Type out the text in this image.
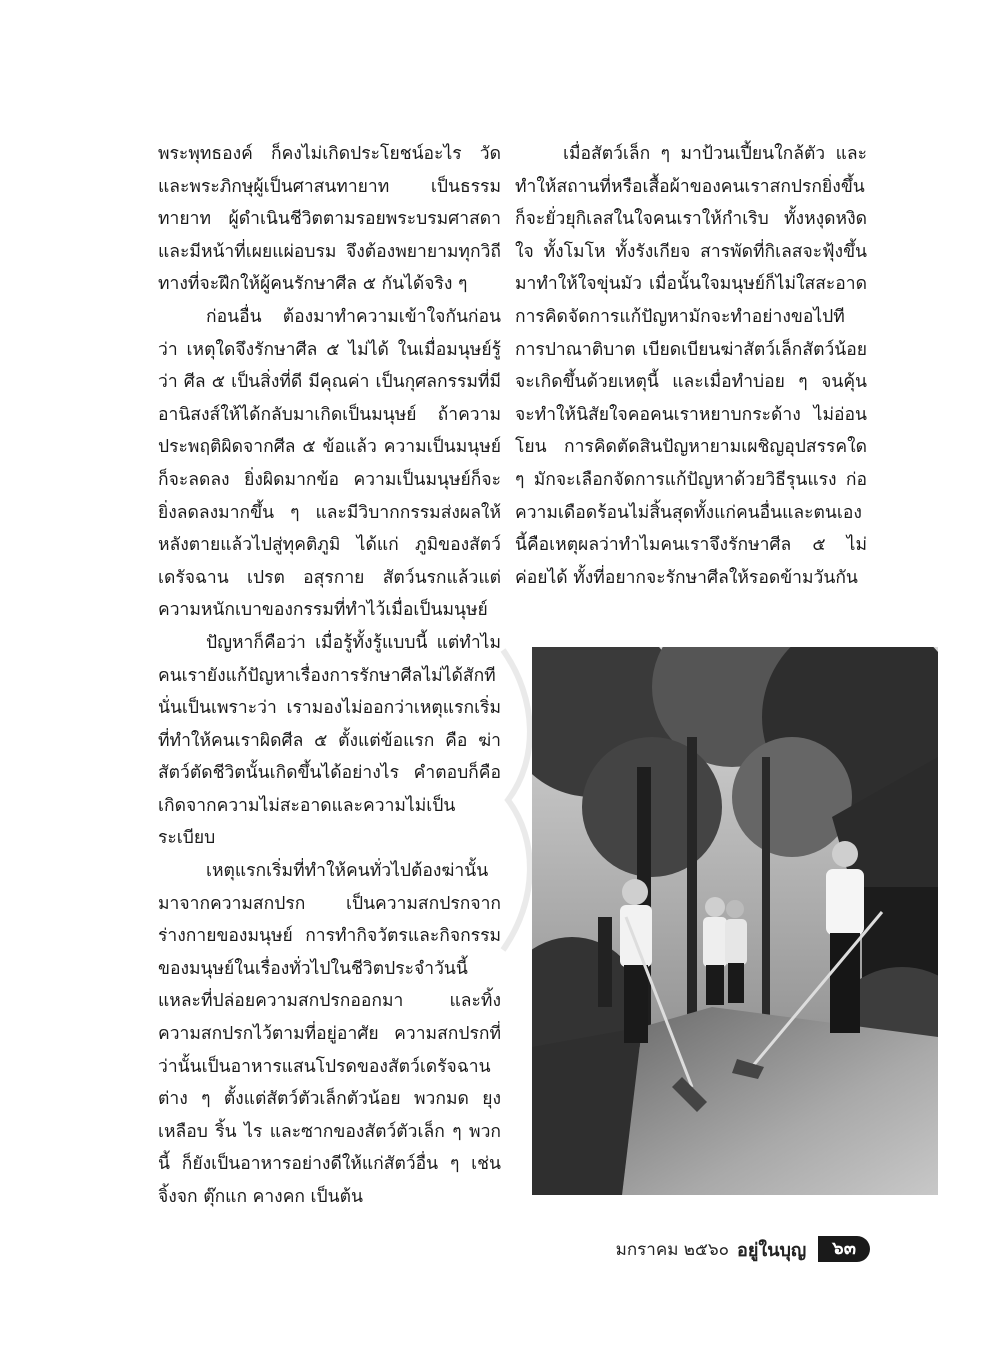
พระพุทธองค์ ก็คงไม่เกิดประโยชน์อะไร วัดและพระภิกษุผู้เป็นศาสนทายาท เป็นธรรมทายาท ผู้ดำเนินชีวิตตามรอยพระบรมศาสดาและมีหน้าที่เผยแผ่อบรม จึงต้องพยายามทุกวิถีทางที่จะฝึกให้ผู้คนรักษาศีล ๕ กันได้จริง ๆ

ก่อนอื่น ต้องมาทำความเข้าใจกันก่อนว่า เหตุใดจึงรักษาศีล ๕ ไม่ได้ ในเมื่อมนุษย์รู้ว่า ศีล ๕ เป็นสิ่งที่ดี มีคุณค่า เป็นกุศลกรรมที่มีอานิสงส์ให้ได้กลับมาเกิดเป็นมนุษย์ ถ้าความประพฤติผิดจากศีล ๕ ข้อแล้ว ความเป็นมนุษย์ก็จะลดลง ยิ่งผิดมากข้อ ความเป็นมนุษย์ก็จะยิ่งลดลงมากขึ้น ๆ และมีวิบากกรรมส่งผลให้หลังตายแล้วไปสู่ทุคติภูมิ ได้แก่ ภูมิของสัตว์เดรัจฉาน เปรต อสุรกาย สัตว์นรกแล้วแต่ความหนักเบาของกรรมที่ทำไว้เมื่อเป็นมนุษย์

ปัญหาก็คือว่า เมื่อรู้ทั้งรู้แบบนี้ แต่ทำไมคนเรายังแก้ปัญหาเรื่องการรักษาศีลไม่ได้สักทีนั่นเป็นเพราะว่า เรามองไม่ออกว่าเหตุแรกเริ่มที่ทำให้คนเราผิดศีล ๕ ตั้งแต่ข้อแรก คือ ฆ่าสัตว์ตัดชีวิตนั้นเกิดขึ้นได้อย่างไร คำตอบก็คือเกิดจากความไม่สะอาดและความไม่เป็นระเบียบ

เหตุแรกเริ่มที่ทำให้คนทั่วไปต้องฆ่านั้นมาจากความสกปรก เป็นความสกปรกจากร่างกายของมนุษย์ การทำกิจวัตรและกิจกรรมของมนุษย์ในเรื่องทั่วไปในชีวิตประจำวันนี้แหละที่ปล่อยความสกปรกออกมา และทิ้งความสกปรกไว้ตามที่อยู่อาศัย ความสกปรกที่ว่านั้นเป็นอาหารแสนโปรดของสัตว์เดรัจฉานต่าง ๆ ตั้งแต่สัตว์ตัวเล็กตัวน้อย พวกมด ยุง เหลือบ ริ้น ไร และซากของสัตว์ตัวเล็ก ๆ พวกนี้ ก็ยังเป็นอาหารอย่างดีให้แก่สัตว์อื่น ๆ เช่น จิ้งจก ตุ๊กแก คางคก เป็นต้น

เมื่อสัตว์เล็ก ๆ มาป้วนเปี้ยนใกล้ตัว และทำให้สถานที่หรือเสื้อผ้าของคนเราสกปรกยิ่งขึ้น ก็จะยั่วยุกิเลสในใจคนเราให้กำเริบ ทั้งหงุดหงิดใจ ทั้งโมโห ทั้งรังเกียจ สารพัดที่กิเลสจะฟุ้งขึ้นมาทำให้ใจขุ่นมัว เมื่อนั้นใจมนุษย์ก็ไม่ใสสะอาด การคิดจัดการแก้ปัญหามักจะทำอย่างขอไปที การปาณาติบาต เบียดเบียนฆ่าสัตว์เล็กสัตว์น้อยจะเกิดขึ้นด้วยเหตุนี้ และเมื่อทำบ่อย ๆ จนคุ้น จะทำให้นิสัยใจคอคนเราหยาบกระด้าง ไม่อ่อนโยน การคิดตัดสินปัญหายามเผชิญอุปสรรคใด ๆ มักจะเลือกจัดการแก้ปัญหาด้วยวิธีรุนแรง ก่อความเดือดร้อนไม่สิ้นสุดทั้งแก่คนอื่นและตนเอง นี้คือเหตุผลว่าทำไมคนเราจึงรักษาศีล ๕ ไม่ค่อยได้ ทั้งที่อยากจะรักษาศีลให้รอดข้ามวันกัน

มกราคม ๒๕๖๐ อยู่ในบุญ	๖๓
